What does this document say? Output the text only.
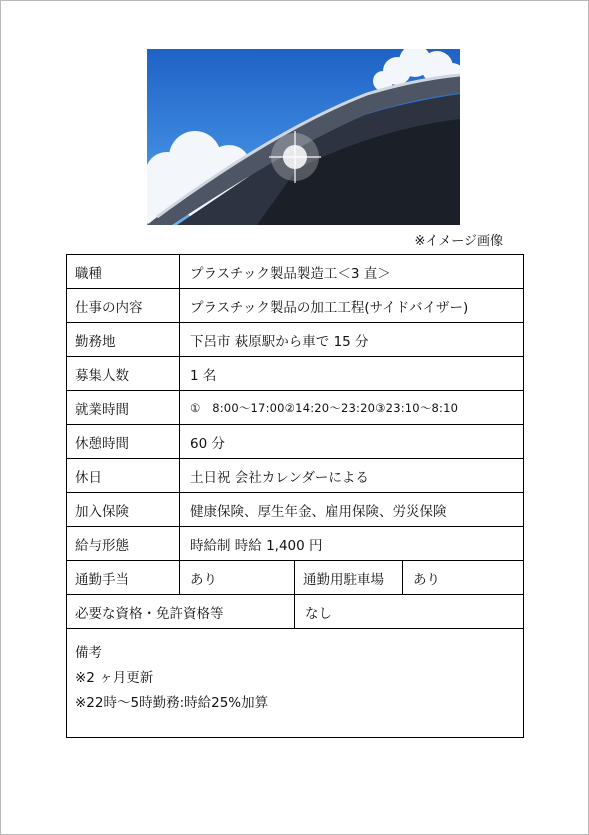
※イメージ画像
職種	プラスチック製品製造工＜3 直＞		
仕事の内容	プラスチック製品の加工工程(サイドバイザー)		
勤務地	下呂市 萩原駅から車で 15 分		
募集人数	1 名		
就業時間	①　8:00～17:00②14:20～23:20③23:10～8:10		
休憩時間	60 分		
休日	土日祝 会社カレンダーによる		
加入保険	健康保険、厚生年金、雇用保険、労災保険		
給与形態	時給制 時給 1,400 円		
通勤手当	あり	通勤用駐車場	あり
必要な資格・免許資格等		なし	

備考
※2 ヶ月更新
※22時～5時勤務:時給25%加算			
